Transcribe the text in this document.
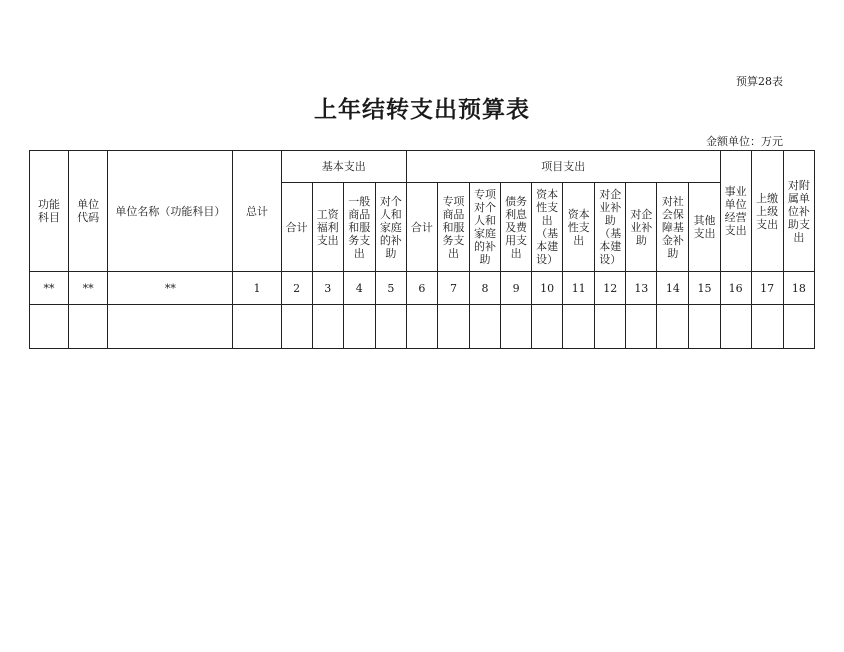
预算28表
上年结转支出预算表
金额单位：万元
功能科目	单位代码	单位名称（功能科目）	总计	基本支出				项目支出										事业单位经营支出	上缴上级支出	对附属单位补助支出

				合计	工资福利支出	一般商品和服务支出	对个人和家庭的补助	合计	专项商品和服务支出	专项对个人和家庭的补助	债务利息及费用支出	资本性支出（基本建设）	资本性支出	对企业补助（基本建设）	对企业补助	对社会保障基金补助	其他支出			

**	**	**	1	2	3	4	5	6	7	8	9	10	11	12	13	14	15	16	17	18
